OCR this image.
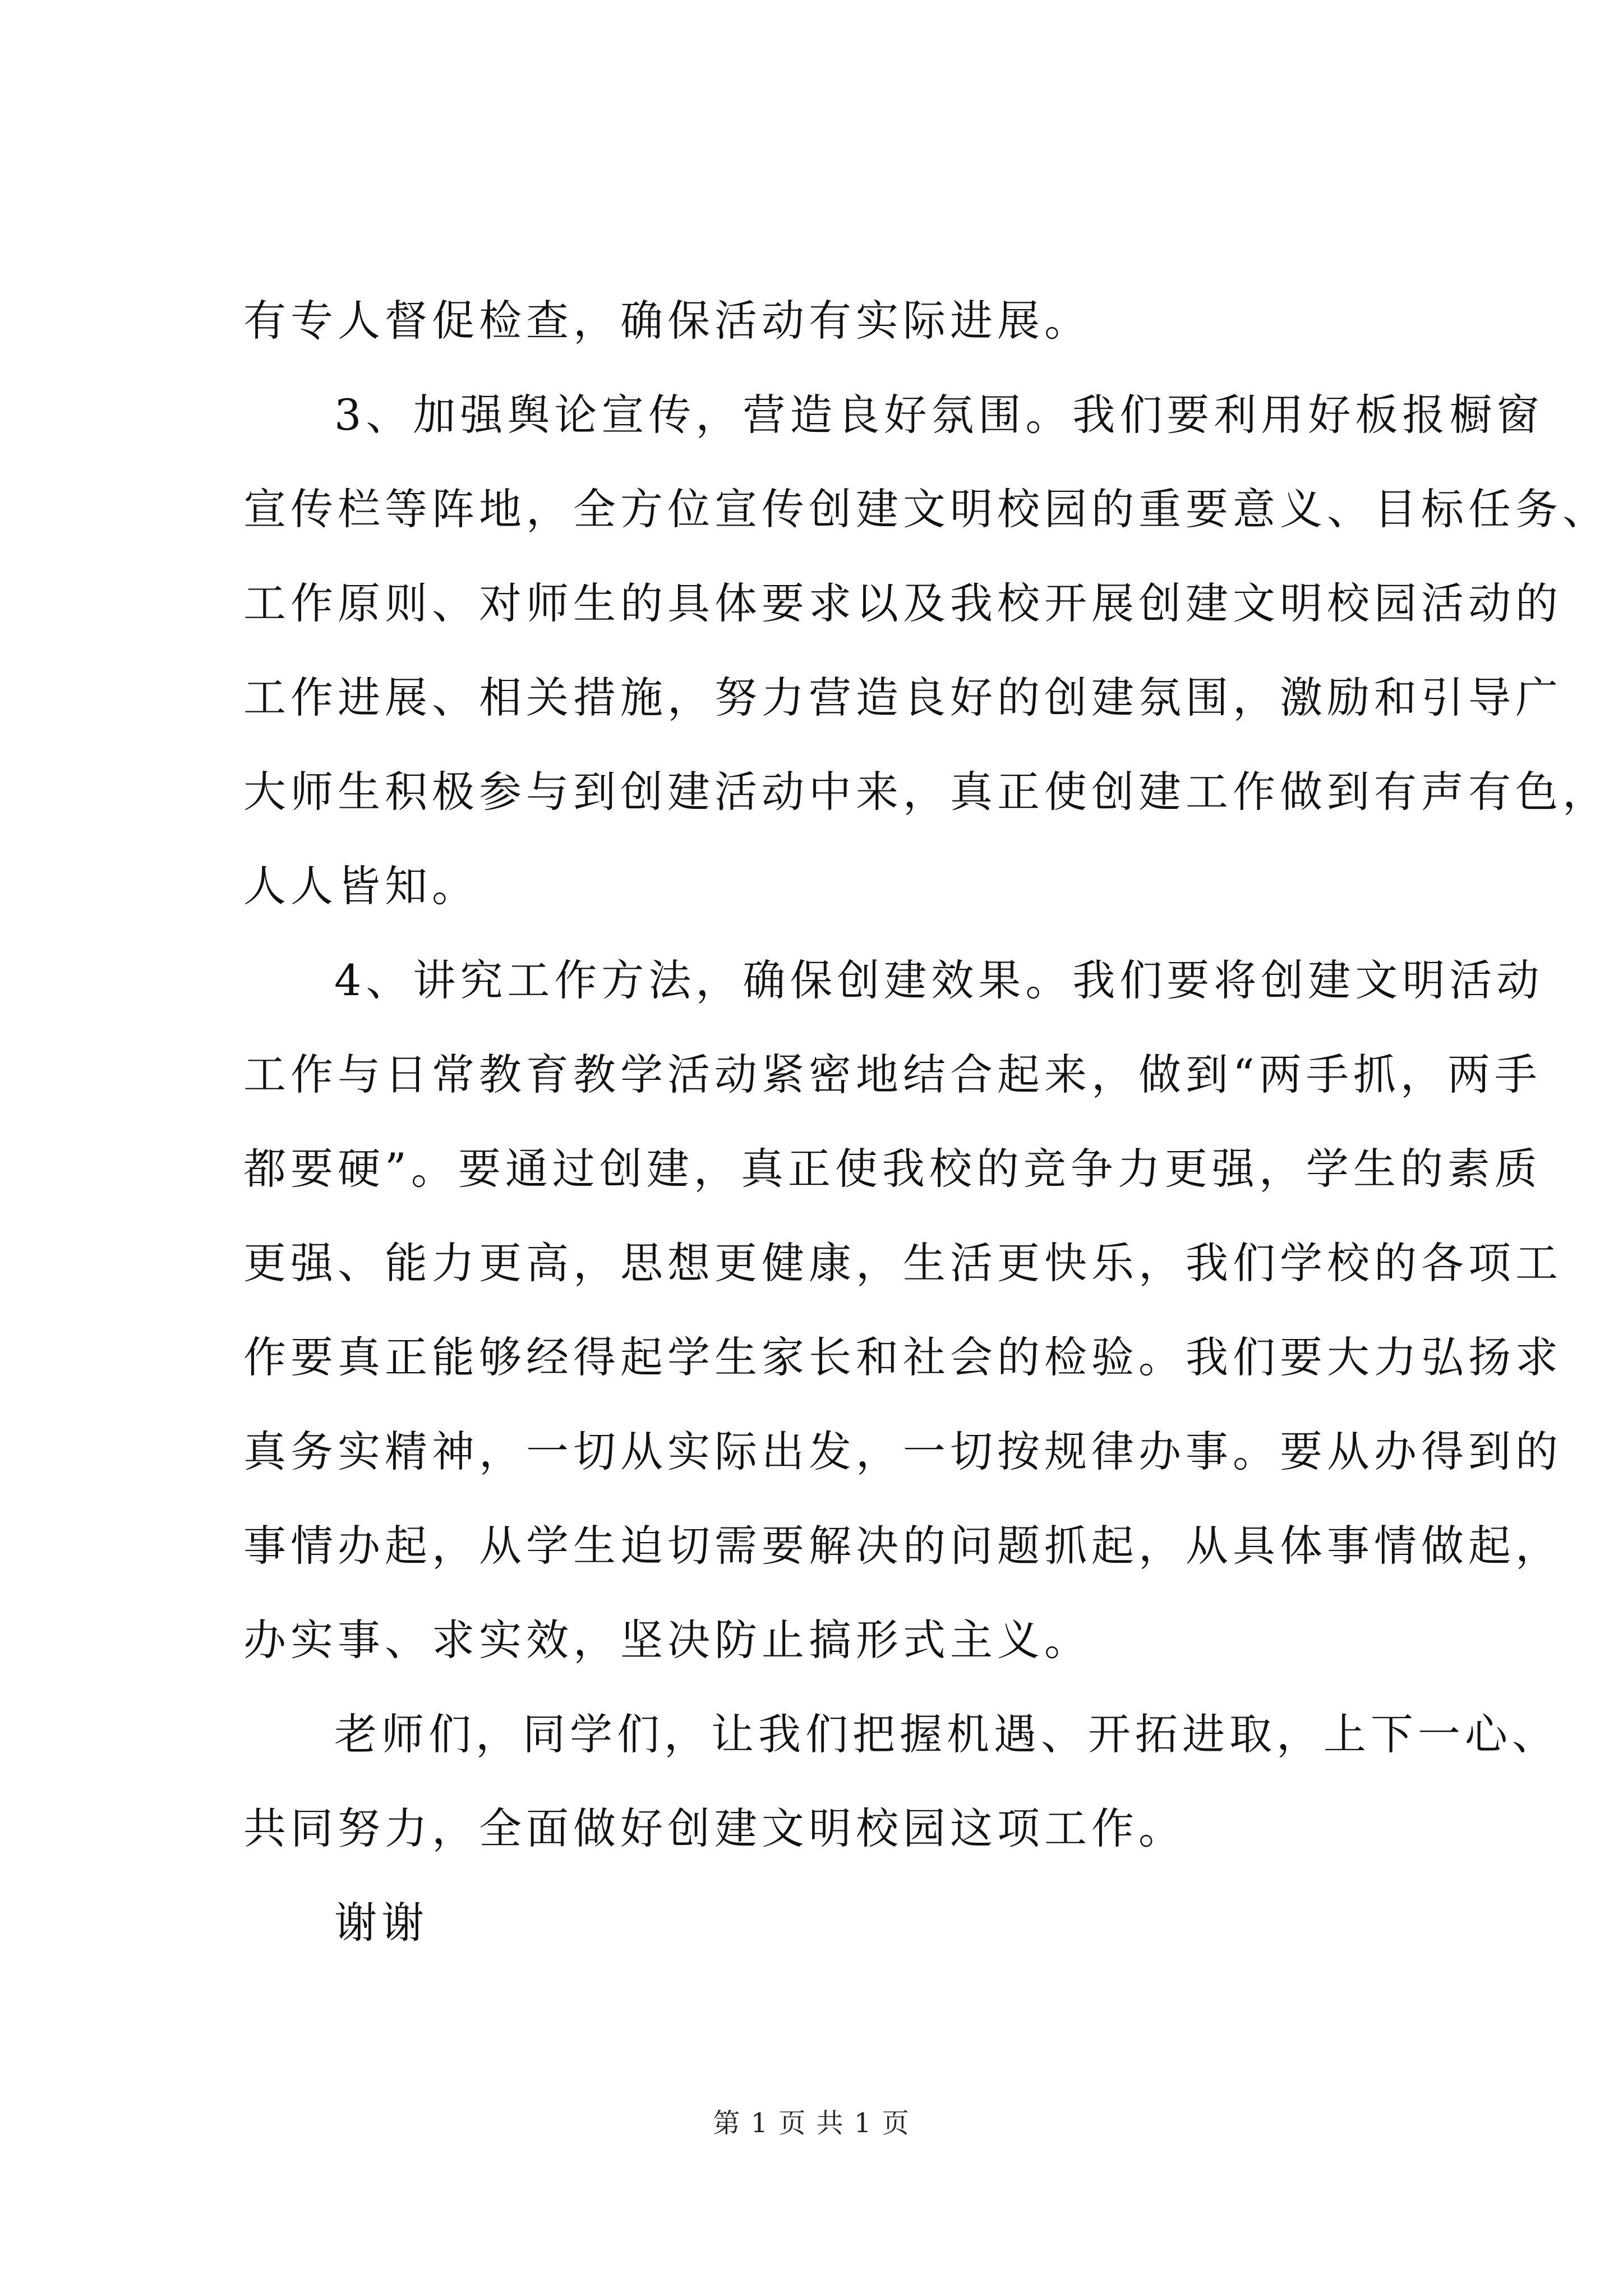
有专人督促检查，确保活动有实际进展。
3、加强舆论宣传，营造良好氛围。我们要利用好板报橱窗
宣传栏等阵地，全方位宣传创建文明校园的重要意义、目标任务、
工作原则、对师生的具体要求以及我校开展创建文明校园活动的
工作进展、相关措施，努力营造良好的创建氛围，激励和引导广
大师生积极参与到创建活动中来，真正使创建工作做到有声有色，
人人皆知。
4、讲究工作方法，确保创建效果。我们要将创建文明活动
工作与日常教育教学活动紧密地结合起来，做到“两手抓，两手
都要硬”。要通过创建，真正使我校的竞争力更强，学生的素质
更强、能力更高，思想更健康，生活更快乐，我们学校的各项工
作要真正能够经得起学生家长和社会的检验。我们要大力弘扬求
真务实精神，一切从实际出发，一切按规律办事。要从办得到的
事情办起，从学生迫切需要解决的问题抓起，从具体事情做起，
办实事、求实效，坚决防止搞形式主义。
老师们，同学们，让我们把握机遇、开拓进取，上下一心、
共同努力，全面做好创建文明校园这项工作。
谢谢
第 1 页 共 1 页
